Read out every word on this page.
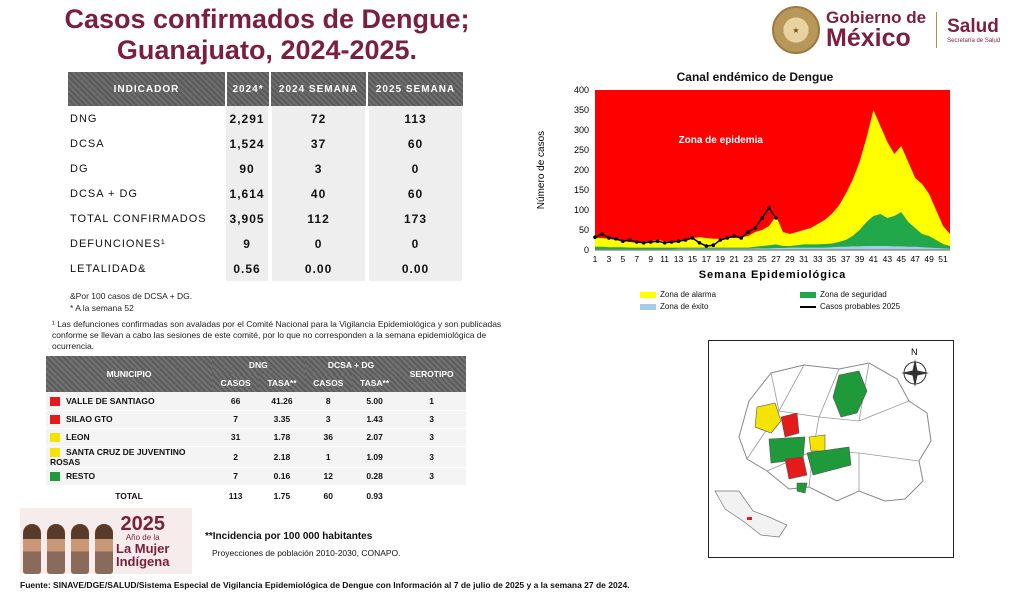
Casos confirmados de Dengue;
Guanajuato, 2024-2025.
★
Gobierno de
México	Salud
Secretaría de Salud
INDICADOR	2024*	2024 SEMANA	2025 SEMANA
DNG	2,291	72	113
DCSA	1,524	37	60
DG	90	3	0
DCSA + DG	1,614	40	60
TOTAL CONFIRMADOS	3,905	112	173
DEFUNCIONES¹	9	0	0
LETALIDAD&	0.56	0.00	0.00
&Por 100 casos de DCSA + DG.
* A la semana 52
¹ Las defunciones confirmadas son avaladas por el Comité Nacional para la Vigilancia Epidemiológica y son publicadas conforme se llevan a cabo las sesiones de este comité, por lo que no corresponden a la semana epidemiológica de ocurrencia.
MUNICIPIO	DNG		DCSA + DG		SEROTIPO
	CASOS	TASA**	CASOS	TASA**	
VALLE DE SANTIAGO	66	41.26	8	5.00	1
SILAO GTO	7	3.35	3	1.43	3
LEON	31	1.78	36	2.07	3
SANTA CRUZ DE JUVENTINO ROSAS	2	2.18	1	1.09	3
RESTO	7	0.16	12	0.28	3
TOTAL	113	1.75	60	0.93	
Canal endémico de Dengue
0
50
100
150
200
250
300
350
400
1 3 5 7 9 11 13 15 17 19 21 23 25 27 29 31 33 35 37 39 41 43 45 47 49 51
Semana Epidemiológica
Número de casos	Zona de epidemia
Zona de alarma	Zona de seguridad
Zona de éxito	Casos probables 2025
N
2025
Año de la
La Mujer
Indígena
**Incidencia por 100 000 habitantes
Proyecciones de población 2010-2030, CONAPO.
Fuente: SINAVE/DGE/SALUD/Sistema Especial de Vigilancia Epidemiológica de Dengue con Información al 7 de julio de 2025 y a la semana 27 de 2024.
